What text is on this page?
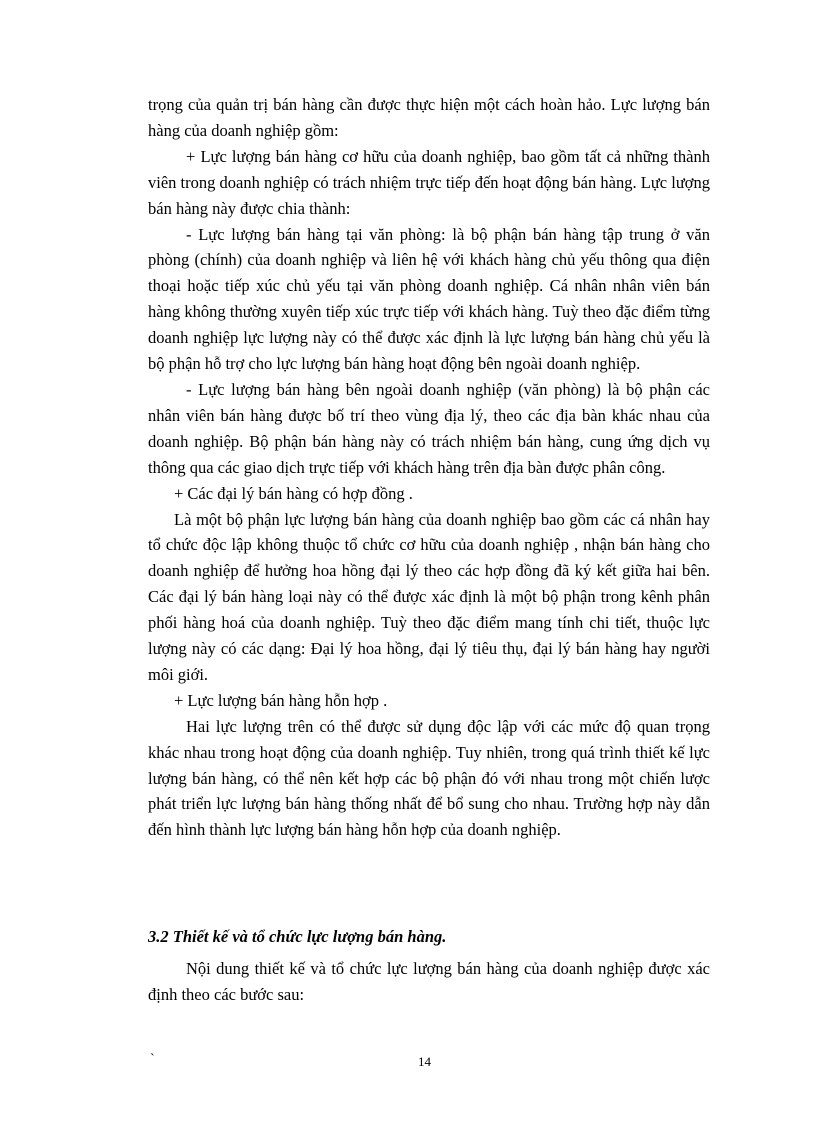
trọng của quản trị bán hàng cần được thực hiện một cách hoàn hảo. Lực lượng bán hàng của doanh nghiệp gồm:

+ Lực lượng bán hàng cơ hữu của doanh nghiệp, bao gồm tất cả những thành viên trong doanh nghiệp có trách nhiệm trực tiếp đến hoạt động bán hàng. Lực lượng bán hàng này được chia thành:

- Lực lượng bán hàng tại văn phòng: là bộ phận bán hàng tập trung ở văn phòng (chính) của doanh nghiệp và liên hệ với khách hàng chủ yếu thông qua điện thoại hoặc tiếp xúc chủ yếu tại văn phòng doanh nghiệp. Cá nhân nhân viên bán hàng không thường xuyên tiếp xúc trực tiếp với khách hàng. Tuỳ theo đặc điểm từng doanh nghiệp lực lượng này có thể được xác định là lực lượng bán hàng chủ yếu là bộ phận hỗ trợ cho lực lượng bán hàng hoạt động bên ngoài doanh nghiệp.

- Lực lượng bán hàng bên ngoài doanh nghiệp (văn phòng) là bộ phận các nhân viên bán hàng được bố trí theo vùng địa lý, theo các địa bàn khác nhau của doanh nghiệp. Bộ phận bán hàng này có trách nhiệm bán hàng, cung ứng dịch vụ thông qua các giao dịch trực tiếp với khách hàng trên địa bàn được phân công.

+ Các đại lý bán hàng có hợp đồng .

Là một bộ phận lực lượng bán hàng của doanh nghiệp bao gồm các cá nhân hay tổ chức độc lập không thuộc tổ chức cơ hữu của doanh nghiệp , nhận bán hàng cho doanh nghiệp để hưởng hoa hồng đại lý theo các hợp đồng đã ký kết giữa hai bên. Các đại lý bán hàng loại này có thể được xác định là một bộ phận trong kênh phân phối hàng hoá của doanh nghiệp. Tuỳ theo đặc điểm mang tính chi tiết, thuộc lực lượng này có các dạng: Đại lý hoa hồng, đại lý tiêu thụ, đại lý bán hàng hay người môi giới.

+ Lực lượng bán hàng hỗn hợp .

Hai lực lượng trên có thể được sử dụng độc lập với các mức độ quan trọng khác nhau trong hoạt động của doanh nghiệp. Tuy nhiên, trong quá trình thiết kế lực lượng bán hàng, có thể nên kết hợp các bộ phận đó với nhau trong một chiến lược phát triển lực lượng bán hàng thống nhất để bổ sung cho nhau. Trường hợp này dẫn đến hình thành lực lượng bán hàng hỗn hợp của doanh nghiệp.

3.2 Thiết kế và tổ chức lực lượng bán hàng.

Nội dung thiết kế và tổ chức lực lượng bán hàng của doanh nghiệp được xác định theo các bước sau:

`	14
